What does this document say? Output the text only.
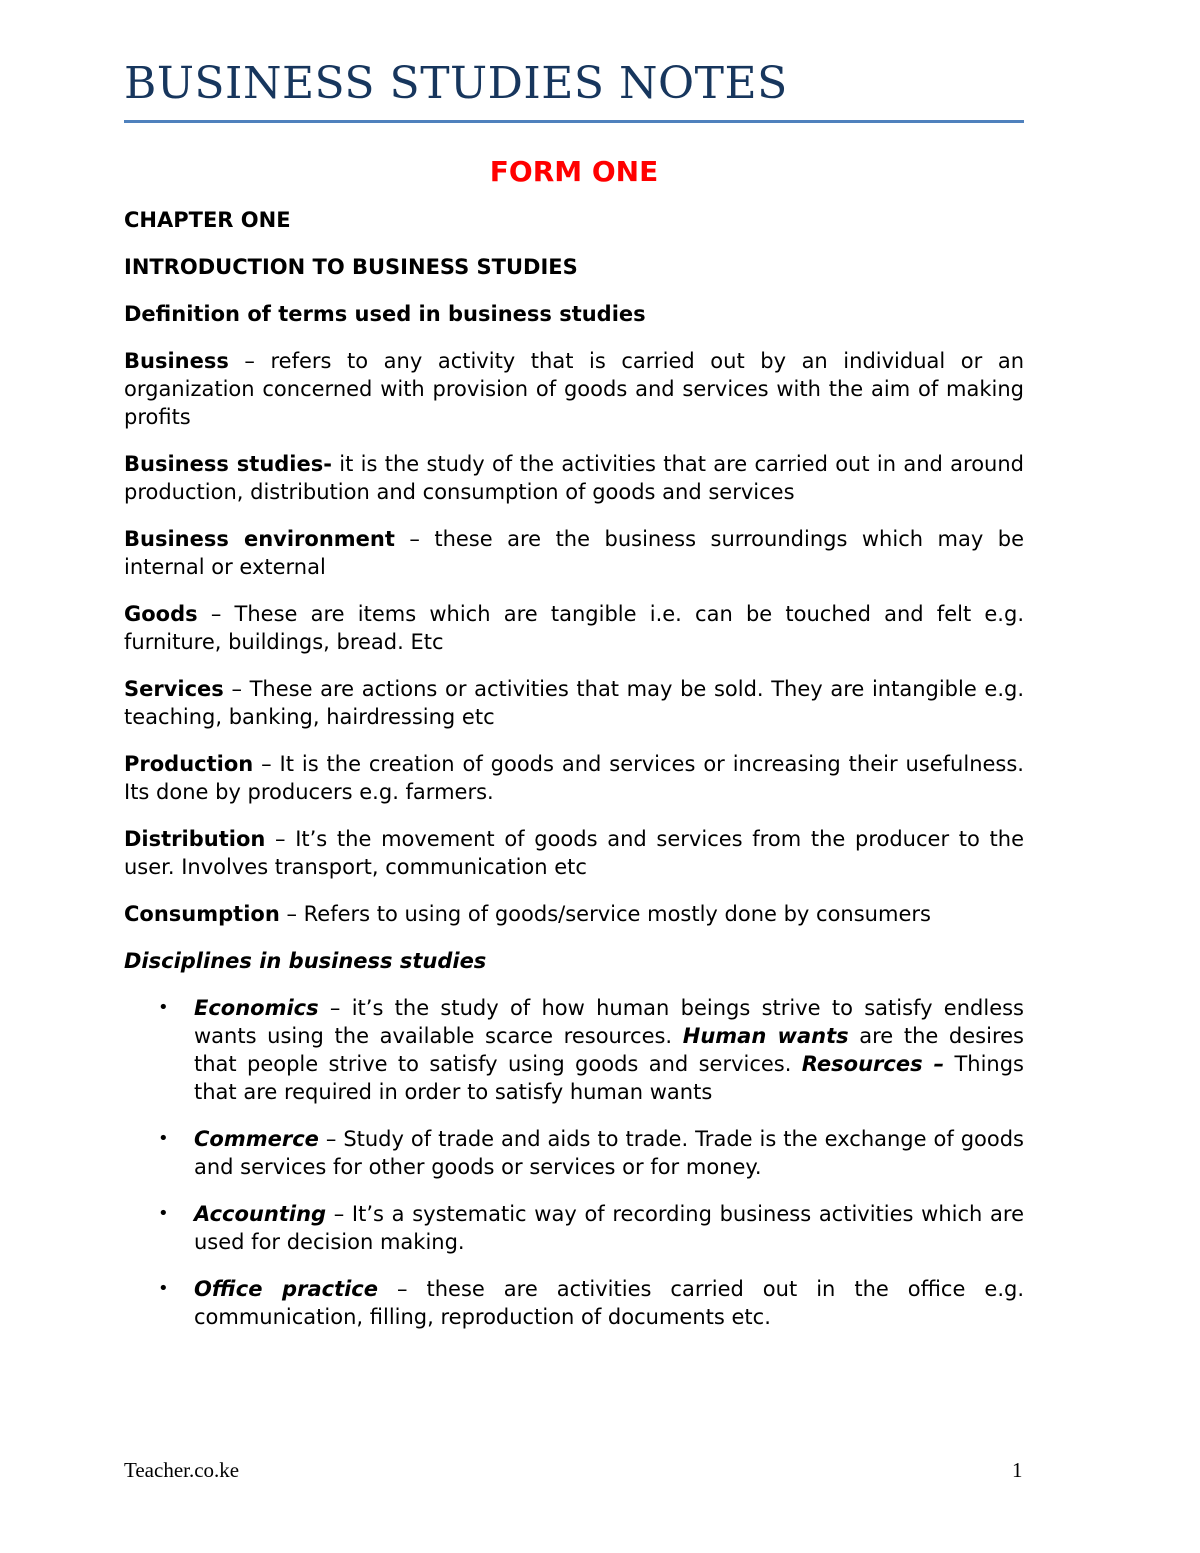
BUSINESS STUDIES NOTES
FORM ONE
CHAPTER ONE
INTRODUCTION TO BUSINESS STUDIES
Definition of terms used in business studies

Business – refers to any activity that is carried out by an individual or an organization concerned with provision of goods and services with the aim of making profits

Business studies- it is the study of the activities that are carried out in and around production, distribution and consumption of goods and services

Business environment – these are the business surroundings which may be internal or external

Goods – These are items which are tangible i.e. can be touched and felt e.g. furniture, buildings, bread. Etc

Services – These are actions or activities that may be sold. They are intangible e.g. teaching, banking, hairdressing etc

Production – It is the creation of goods and services or increasing their usefulness. Its done by producers e.g. farmers.

Distribution – It’s the movement of goods and services from the producer to the user. Involves transport, communication etc

Consumption – Refers to using of goods/service mostly done by consumers

Disciplines in business studies
• Economics – it’s the study of how human beings strive to satisfy endless wants using the available scarce resources. Human wants are the desires that people strive to satisfy using goods and services. Resources – Things that are required in order to satisfy human wants
• Commerce – Study of trade and aids to trade. Trade is the exchange of goods and services for other goods or services or for money.
• Accounting – It’s a systematic way of recording business activities which are used for decision making.
• Office practice – these are activities carried out in the office e.g. communication, filling, reproduction of documents etc.
Teacher.co.ke	1
